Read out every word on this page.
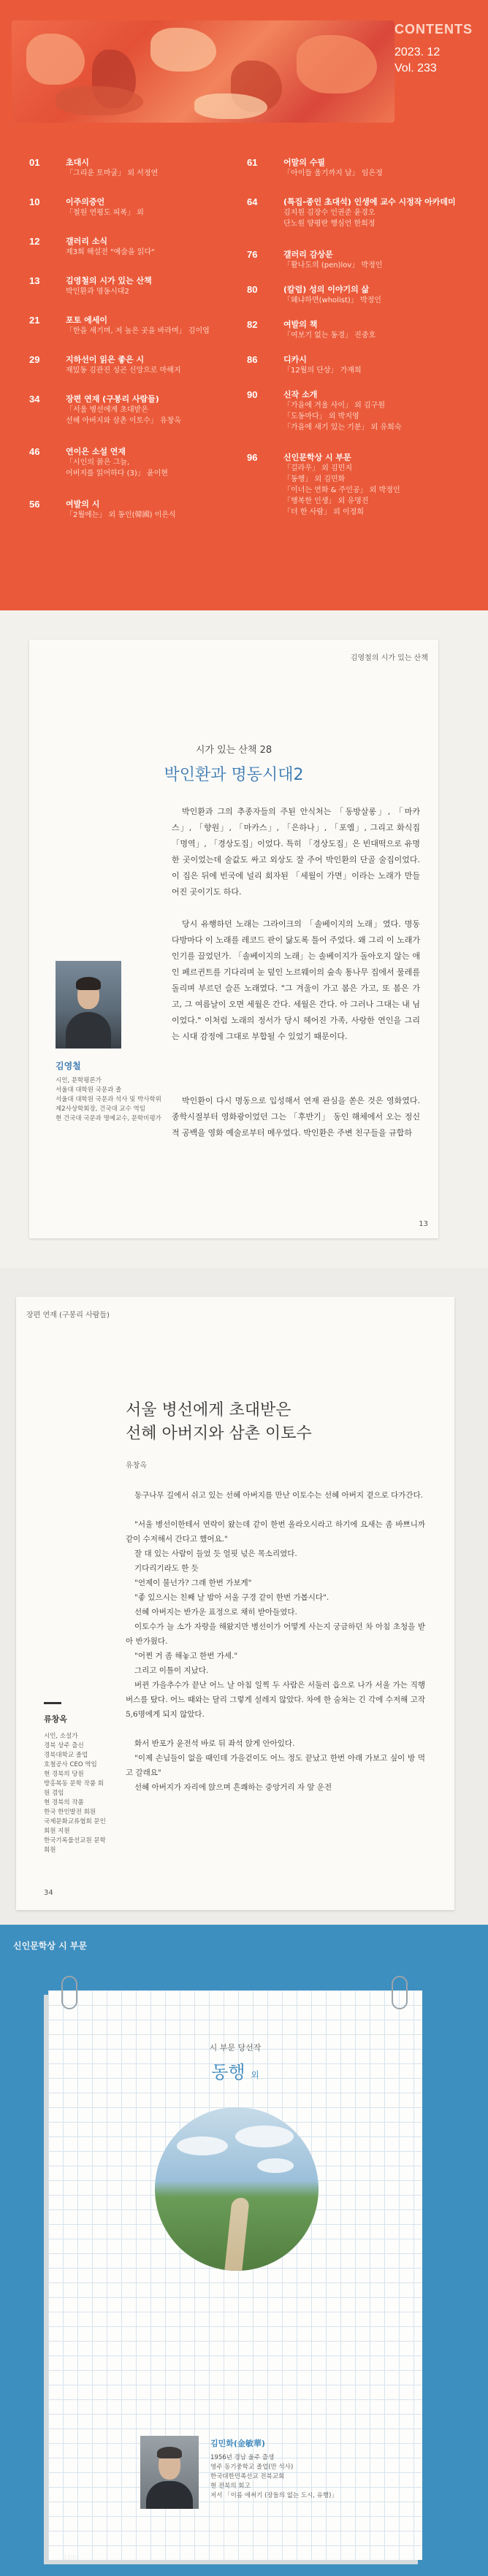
CONTENTS
2023. 12
Vol. 233
01	초대시
「그리운 토마굴」 외 서정연
10	이주의증언
「철원 연평도 피폭」 외
12	갤러리 소식
제3회 해설전 "예술을 읽다"
13	김영철의 시가 있는 산책
박인환과 명동시대2
21	포토 에세이
「한을 새기며, 저 높은 곳을 바라며」 김이엽
29	지하선이 읽은 좋은 시
재밌동 김관진 성곤 신앙으로 마해지
34	장편 연재 (구봉리 사람들)
「서울 병선에게 초대받은
선혜 아버지와 삼촌 이토수」 유창옥
46	연이은 소설 연재
「시인의 붉은 그늘,
어버지를 읽어하다 (3)」 윤이현
56	여발의 시
「2월에는」 외 동인(韓國) 이은식
61	어말의 수필
「아이들 울기까지 날」 임은정
64	(특집-종인 초대석) 인생에 교수 시정작 아카데미
김지원 김장수 인권준 윤경오
단노원 양평란 행심언 한희정
76	갤러리 감상문
「활나도의 (pen)lov」 박정인
80	(칼럼) 성의 이야기의 삶
「왜냐하면(wholist)」 박정인
82	여발의 책
「여보기 없는 동경」 진중호
86	디카시
「12월의 단상」 가재희
90	신작 소개
「가을에 겨울 사이」 외 김구원
「도동마다」 외 박지영
「가을에 새기 있는 기분」 외 유희숙
96	신인문학상 시 부문
「길라우」 외 김민지
「동행」 외 김민화
「이너는 연화 & 주인공」 외 박정인
「행복한 인생」 외 유명진
「더 한 사람」 외 이정희
김영철의 시가 있는 산책
시가 있는 산책 28
박인환과 명동시대2

박인환과 그의 추종자들의 주된 안식처는 「동방살롱」, 「마카스」, 「향원」, 「마카스」, 「은하나」, 「포엠」, 그리고 화식집 「명역」, 「경상도집」이었다. 특히 「경상도집」은 빈대떡으로 유명한 곳이었는데 술값도 싸고 외상도 잘 주어 박인환의 단골 술집이었다. 이 집은 뒤에 빈국에 널리 회자된 「세월이 가면」이라는 노래가 만들어진 곳이기도 하다.

당시 유행하던 노래는 그라이크의 「솔베이지의 노래」였다. 명동 다방마다 이 노래를 레코드 판이 닳도록 틀어 주었다. 왜 그리 이 노래가 인기를 끌었던가. 「솔베이지의 노래」는 솔베이지가 돌아오지 않는 애인 페르귄트를 기다리며 눈 덮인 노르웨이의 숲속 통나무 집에서 물레를 돌리며 부르던 슬픈 노래였다. "그 겨울이 가고 봄은 가고, 또 봄은 가고, 그 여름날이 오면 세월은 간다. 세월은 간다. 아 그러나 그대는 내 님이었다." 이처럼 노래의 정서가 당시 헤어진 가족, 사랑한 연인을 그리는 시대 감정에 그대로 부합될 수 있었기 때문이다.

박인환이 다시 명동으로 입성해서 연재 관심을 쏟은 것은 영화였다. 종학시절부터 영화광이었던 그는 「후반기」 동인 해체에서 오는 정신적 공백을 영화 예술로부터 메우었다. 박인환은 주변 친구들을 규합하

김영철
시인, 문학평론가
서울대 대학원 국문과 졸
서울대 대학원 국문과 석사 및 박사학위
제2사상학회장, 건국대 교수 역임
현 건국대 국문과 명예교수, 문학비평가
13
장편 연재 (구봉리 사람들)
서울 병선에게 초대받은
선혜 아버지와 삼촌 이토수
유창옥

동구나무 길에서 쉬고 있는 선혜 아버지를 만난 이토수는 선혜 아버지 곁으로 다가간다.

"서울 병선이한테서 연락이 왔는데 같이 한번 올라오시라고 하기에 요새는 좀 바쁘니까 같이 수저해서 간다고 했어요."

잘 대 있는 사람이 들었 듯 얼핏 넋은 목소리였다.

기다리기라도 한 듯

"언제이 불넌가? 그래 한번 가보게"

"좋 있으시는 친째 날 밤아 서울 구경 같이 한번 가봅시다".

선혜 아버지는 반가운 표정으로 채히 받아들였다.

이토수가 늘 소가 자랑을 해왔지만 병선이가 어떻게 사는지 궁금하던 차 아침 초청을 받아 반가웠다.

"어쩐 거 좀 해놓고 한번 가세."

그리고 이틀이 지났다.

버뀐 가을추수가 끝난 어느 날 아침 일찍 두 사람은 서둘러 읍으로 나가 서울 가는 직행버스를 탔다. 어느 때와는 달리 그렇게 설레지 않았다. 차에 한 숨쳐는 긴 각에 수저해 고작 5,6명에게 되지 않았다.

화서 반포가 윤전석 바로 뒤 좌석 앉게 안아있다.

"이제 손님들이 없을 때인데 가을걷이도 어느 정도 끝났고 한번 아래 가보고 싶이 방 먹고 갈래요"

선혜 아버지가 자리에 앉으며 흔쾌하는 중앙거리 자 앞 운전

류창옥
시인, 소설가
경북 상주 출신
경북대학교 졸업
호철공사 CEO 역임
현 경북의 당원
방홍복동 문학 작품 회원 겸임
현 경북의 작품
한국 한인발전 회원
국제문화교류협회 문인 회원 지원
한국기록물선교원 문학 회원
34
신인문학상 시 부문
시 부문 당선작
동행 외
김민화(金敏華)
1956년 경남 울주 출생
영주 동기중학교 졸업(만 석사)
한국대한민족선교 전북교회
현 전북의 회고
저서 「이름 애써기 (장돌의 없는 도시, 유행)」
106
